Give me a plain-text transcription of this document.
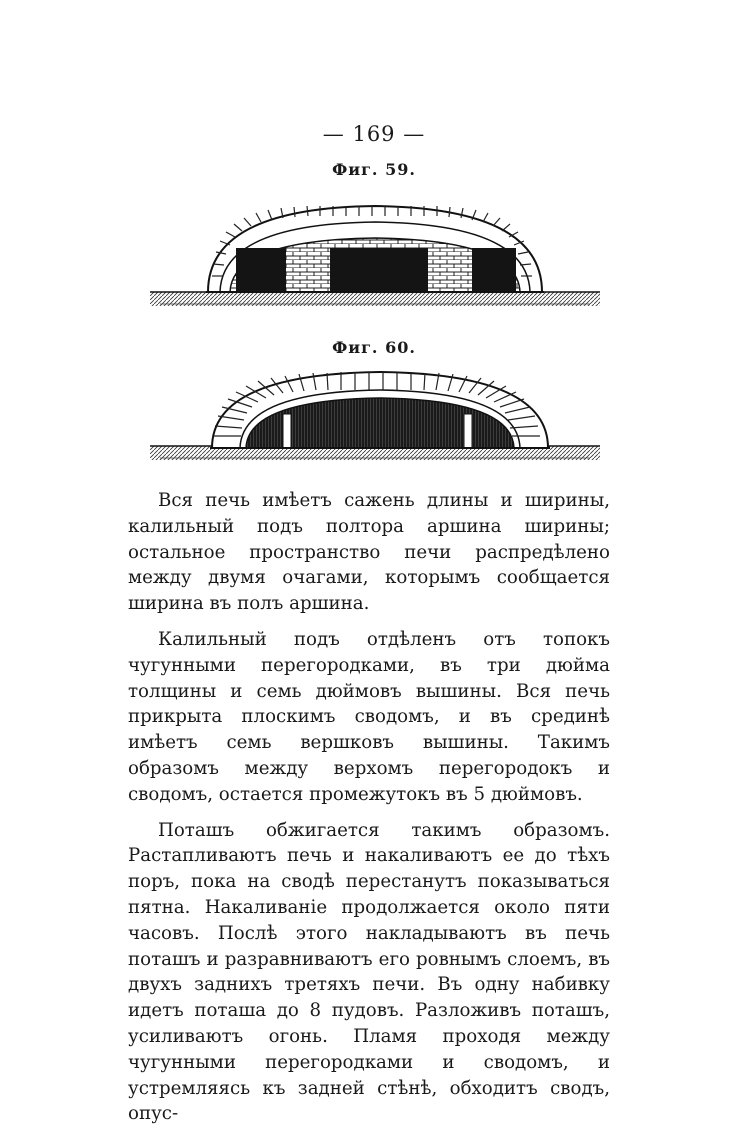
— 169 —
Фиг. 59.
Фиг. 60.

Вся печь имѣетъ сажень длины и ширины, калильный подъ полтора аршина ширины; остальное пространство печи распредѣлено между двумя очагами, которымъ сообщается ширина въ полъ аршина.

Калильный подъ отдѣленъ отъ топокъ чугунными перегородками, въ три дюйма толщины и семь дюймовъ вышины. Вся печь прикрыта плоскимъ сводомъ, и въ срединѣ имѣетъ семь вершковъ вышины. Такимъ образомъ между верхомъ перегородокъ и сводомъ, остается промежутокъ въ 5 дюймовъ.

Поташъ обжигается такимъ образомъ. Растапливаютъ печь и накаливаютъ ее до тѣхъ поръ, пока на сводѣ перестанутъ показываться пятна. Накаливаніе продолжается около пяти часовъ. Послѣ этого накладываютъ въ печь поташъ и разравниваютъ его ровнымъ слоемъ, въ двухъ заднихъ третяхъ печи. Въ одну набивку идетъ поташа до 8 пудовъ. Разложивъ поташъ, усиливаютъ огонь. Пламя проходя между чугунными перегородками и сводомъ, и устремляясь къ задней стѣнѣ, обходитъ сводъ, опус-
